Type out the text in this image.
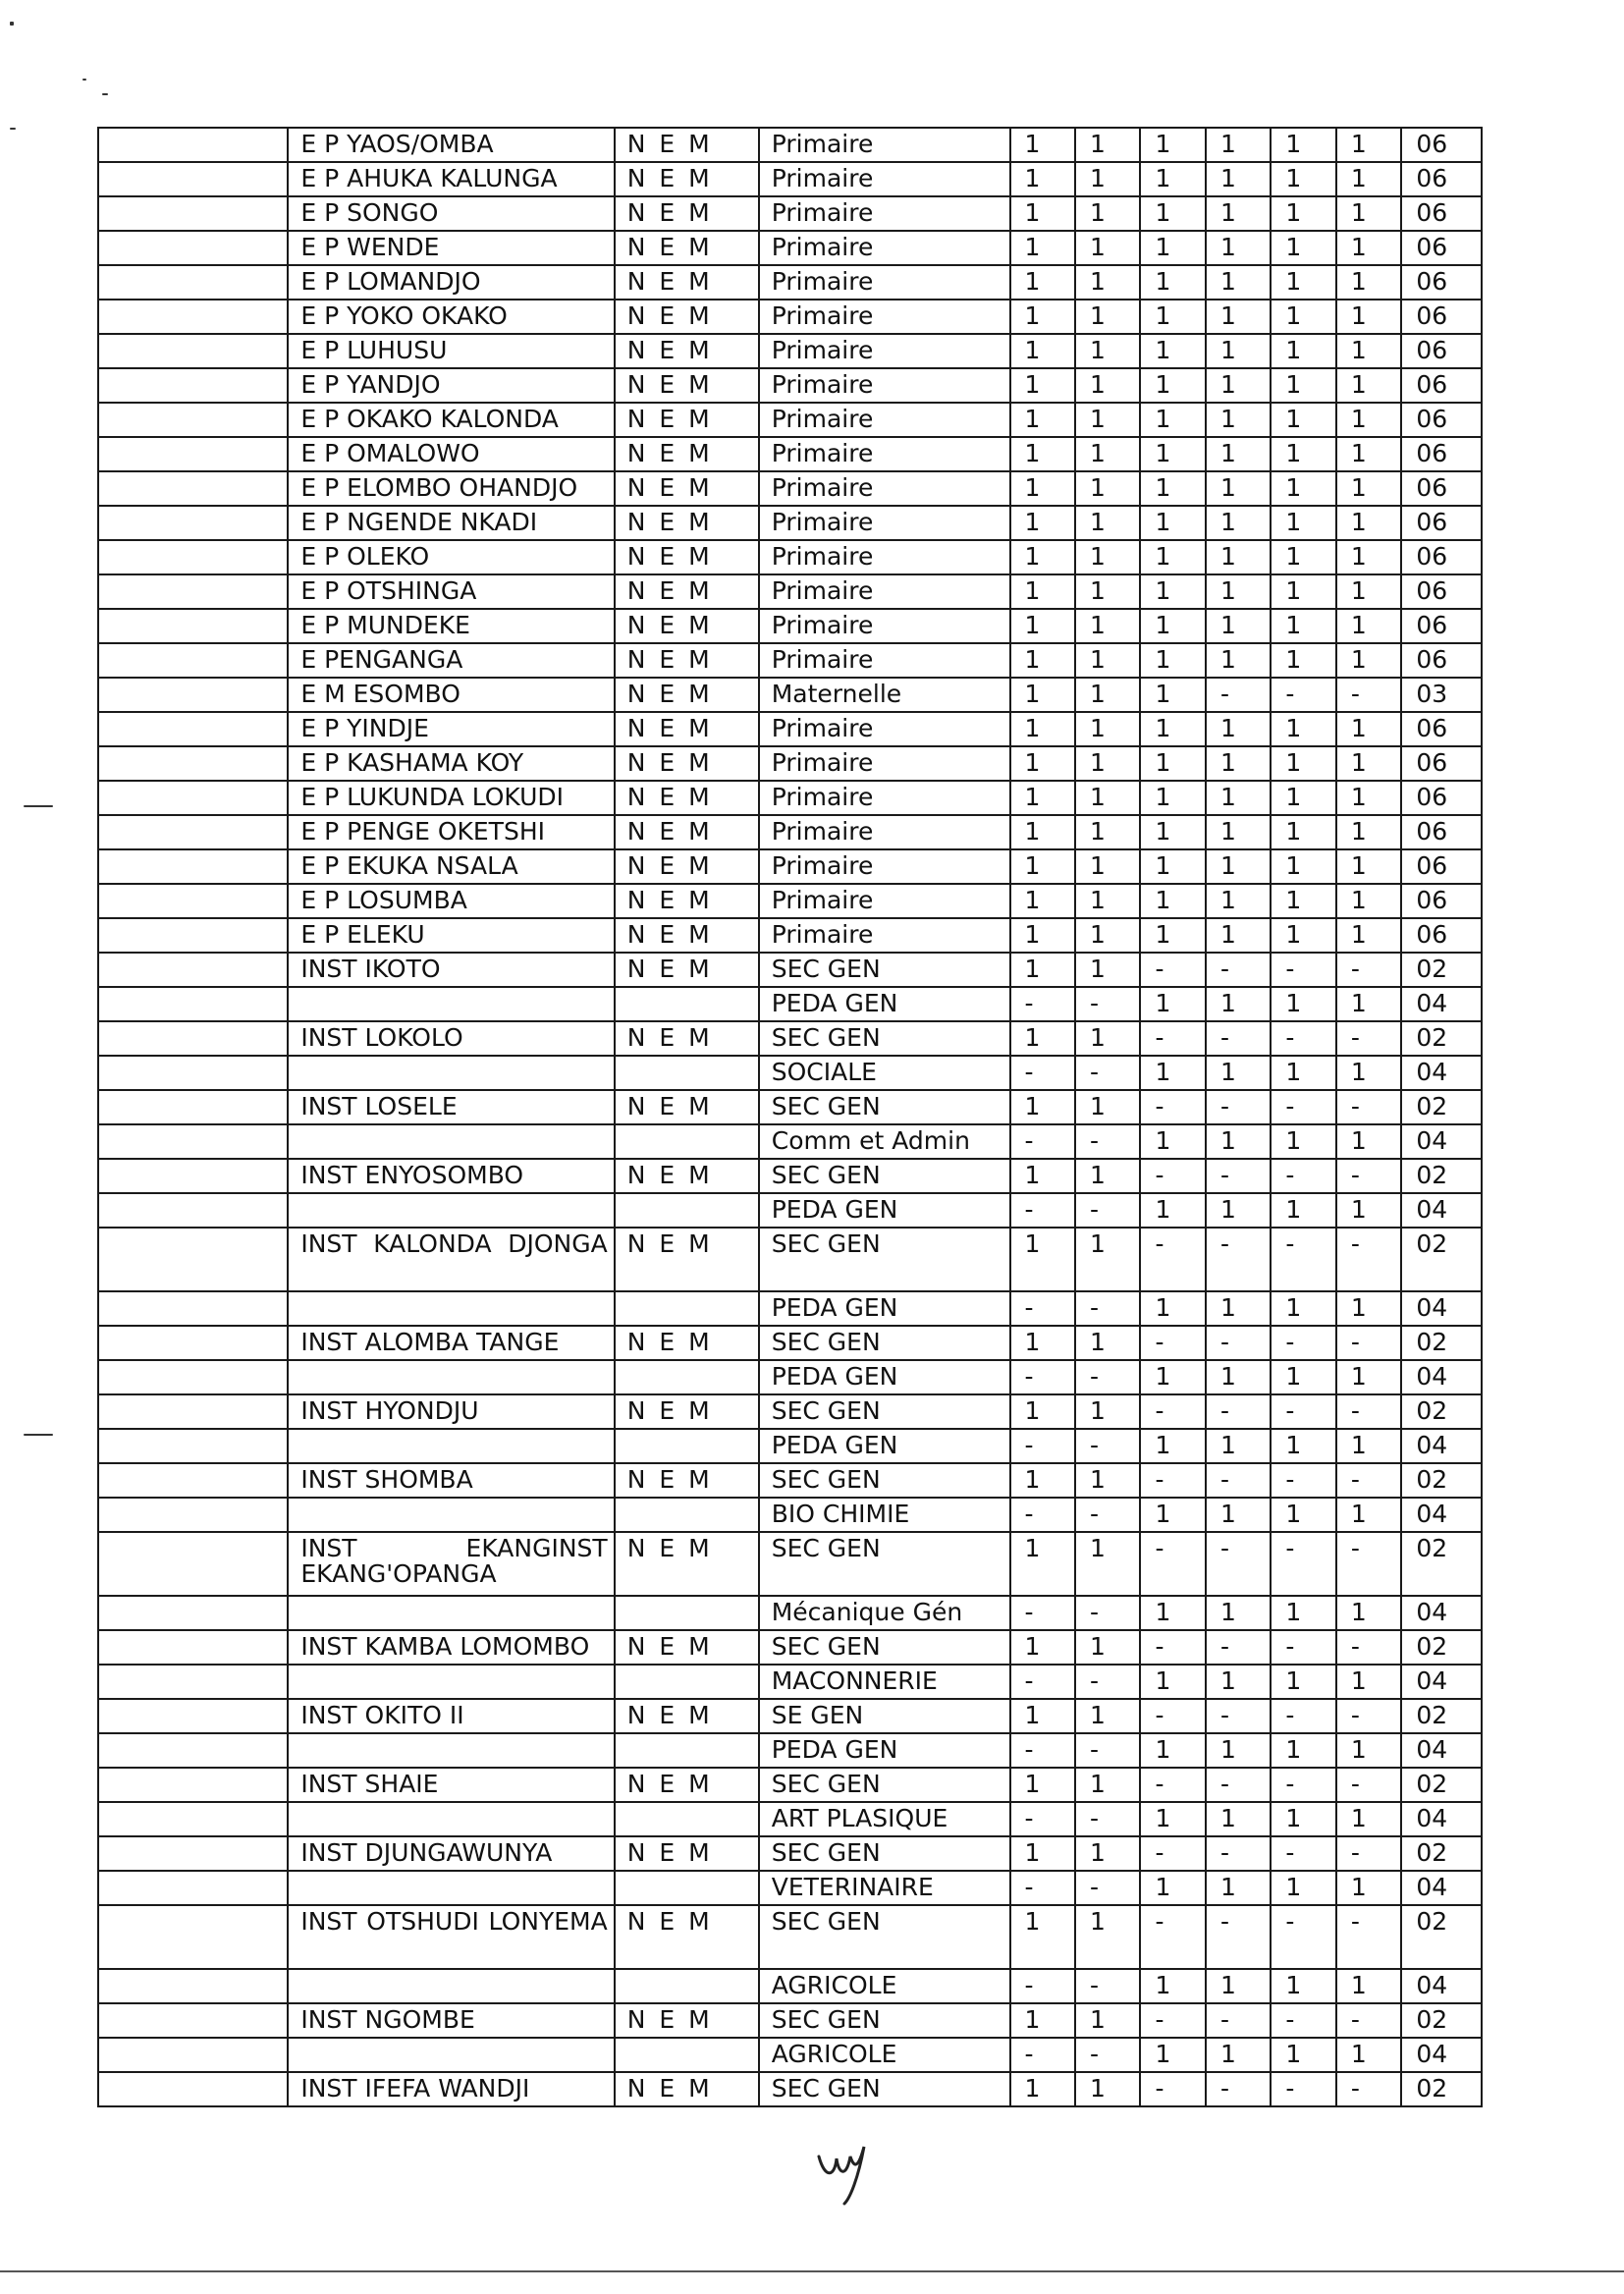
	E P YAOS/OMBA	N E M	Primaire	1	1	1	1	1	1	06
	E P AHUKA KALUNGA	N E M	Primaire	1	1	1	1	1	1	06
	E P SONGO	N E M	Primaire	1	1	1	1	1	1	06
	E P WENDE	N E M	Primaire	1	1	1	1	1	1	06
	E P LOMANDJO	N E M	Primaire	1	1	1	1	1	1	06
	E P YOKO OKAKO	N E M	Primaire	1	1	1	1	1	1	06
	E P LUHUSU	N E M	Primaire	1	1	1	1	1	1	06
	E P YANDJO	N E M	Primaire	1	1	1	1	1	1	06
	E P OKAKO KALONDA	N E M	Primaire	1	1	1	1	1	1	06
	E P OMALOWO	N E M	Primaire	1	1	1	1	1	1	06
	E P ELOMBO OHANDJO	N E M	Primaire	1	1	1	1	1	1	06
	E P NGENDE NKADI	N E M	Primaire	1	1	1	1	1	1	06
	E P OLEKO	N E M	Primaire	1	1	1	1	1	1	06
	E P OTSHINGA	N E M	Primaire	1	1	1	1	1	1	06
	E P MUNDEKE	N E M	Primaire	1	1	1	1	1	1	06
	E PENGANGA	N E M	Primaire	1	1	1	1	1	1	06
	E M ESOMBO	N E M	Maternelle	1	1	1	-	-	-	03
	E P YINDJE	N E M	Primaire	1	1	1	1	1	1	06
	E P KASHAMA KOY	N E M	Primaire	1	1	1	1	1	1	06
	E P LUKUNDA LOKUDI	N E M	Primaire	1	1	1	1	1	1	06
	E P PENGE OKETSHI	N E M	Primaire	1	1	1	1	1	1	06
	E P EKUKA NSALA	N E M	Primaire	1	1	1	1	1	1	06
	E P LOSUMBA	N E M	Primaire	1	1	1	1	1	1	06
	E P ELEKU	N E M	Primaire	1	1	1	1	1	1	06
	INST IKOTO	N E M	SEC GEN	1	1	-	-	-	-	02
			PEDA GEN	-	-	1	1	1	1	04
	INST LOKOLO	N E M	SEC GEN	1	1	-	-	-	-	02
			SOCIALE	-	-	1	1	1	1	04
	INST LOSELE	N E M	SEC GEN	1	1	-	-	-	-	02
			Comm et Admin	-	-	1	1	1	1	04
	INST ENYOSOMBO	N E M	SEC GEN	1	1	-	-	-	-	02
			PEDA GEN	-	-	1	1	1	1	04
	INST KALONDA DJONGA	N E M	SEC GEN	1	1	-	-	-	-	02
			PEDA GEN	-	-	1	1	1	1	04
	INST ALOMBA TANGE	N E M	SEC GEN	1	1	-	-	-	-	02
			PEDA GEN	-	-	1	1	1	1	04
	INST HYONDJU	N E M	SEC GEN	1	1	-	-	-	-	02
			PEDA GEN	-	-	1	1	1	1	04
	INST SHOMBA	N E M	SEC GEN	1	1	-	-	-	-	02
			BIO CHIMIE	-	-	1	1	1	1	04
	INST EKANGINST EKANG'OPANGA	N E M	SEC GEN	1	1	-	-	-	-	02
			Mécanique Gén	-	-	1	1	1	1	04
	INST KAMBA LOMOMBO	N E M	SEC GEN	1	1	-	-	-	-	02
			MACONNERIE	-	-	1	1	1	1	04
	INST OKITO II	N E M	SE GEN	1	1	-	-	-	-	02
			PEDA GEN	-	-	1	1	1	1	04
	INST SHAIE	N E M	SEC GEN	1	1	-	-	-	-	02
			ART PLASIQUE	-	-	1	1	1	1	04
	INST DJUNGAWUNYA	N E M	SEC GEN	1	1	-	-	-	-	02
			VETERINAIRE	-	-	1	1	1	1	04
	INST OTSHUDI LONYEMA	N E M	SEC GEN	1	1	-	-	-	-	02
			AGRICOLE	-	-	1	1	1	1	04
	INST NGOMBE	N E M	SEC GEN	1	1	-	-	-	-	02
			AGRICOLE	-	-	1	1	1	1	04
	INST IFEFA WANDJI	N E M	SEC GEN	1	1	-	-	-	-	02
